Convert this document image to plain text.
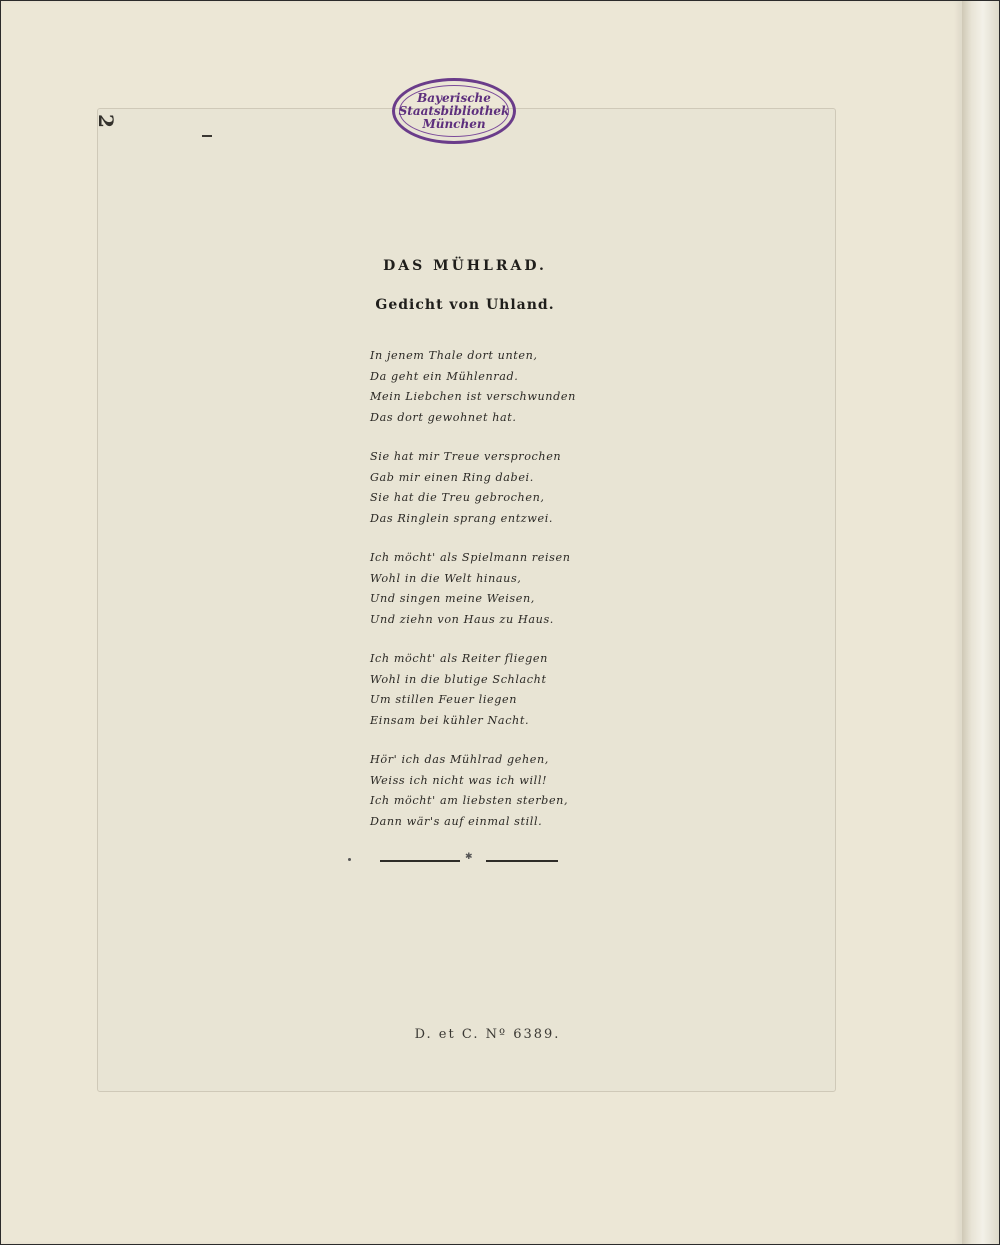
Bayerische
Staatsbibliothek
München
2
DAS MÜHLRAD.
Gedicht von Uhland.
In jenem Thale dort unten,
Da geht ein Mühlenrad.
Mein Liebchen ist verschwunden
Das dort gewohnet hat.
Sie hat mir Treue versprochen
Gab mir einen Ring dabei.
Sie hat die Treu gebrochen,
Das Ringlein sprang entzwei.
Ich möcht' als Spielmann reisen
Wohl in die Welt hinaus,
Und singen meine Weisen,
Und ziehn von Haus zu Haus.
Ich möcht' als Reiter fliegen
Wohl in die blutige Schlacht
Um stillen Feuer liegen
Einsam bei kühler Nacht.
Hör' ich das Mühlrad gehen,
Weiss ich nicht was ich will!
Ich möcht' am liebsten sterben,
Dann wär's auf einmal still.
✱
D. et C. Nº 6389.
